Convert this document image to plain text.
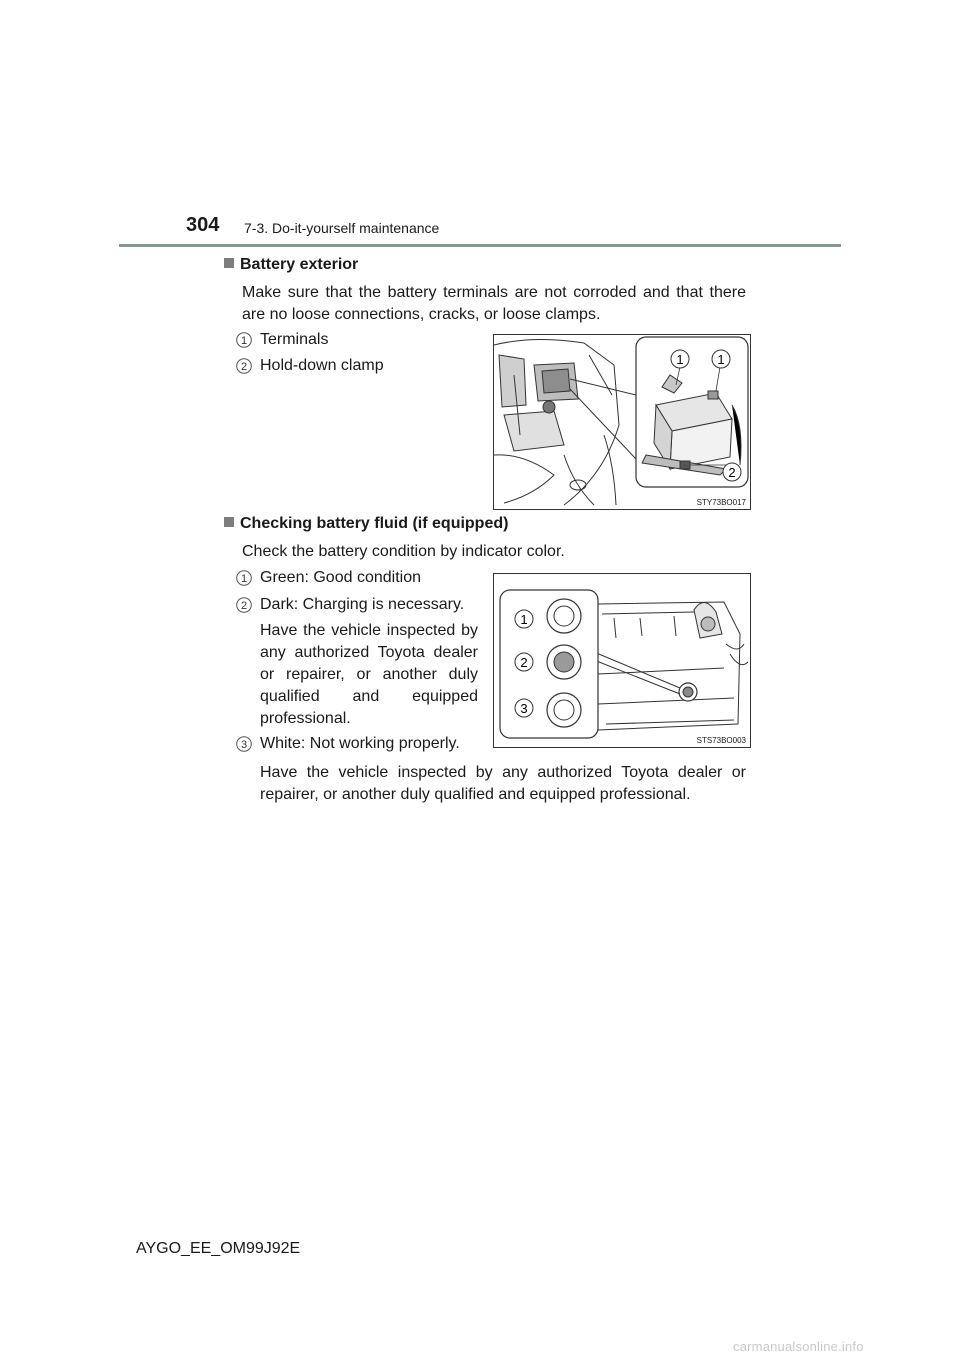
304 7-3. Do-it-yourself maintenance
Battery exterior
Make sure that the battery terminals are not corroded and that there are no loose connections, cracks, or loose clamps.
1 Terminals
2 Hold-down clamp	1	1
2
STY73BO017
Checking battery fluid (if equipped)
Check the battery condition by indicator color.
1 Green: Good condition
2 Dark: Charging is necessary.
Have the vehicle inspected by any authorized Toyota dealer or repairer, or another duly qualified and equipped professional.
3 White: Not working properly.
Have the vehicle inspected by any authorized Toyota dealer or repairer, or another duly qualified and equipped professional.
1
2
3
STS73BO003
AYGO_EE_OM99J92E
carmanualsonline.info
